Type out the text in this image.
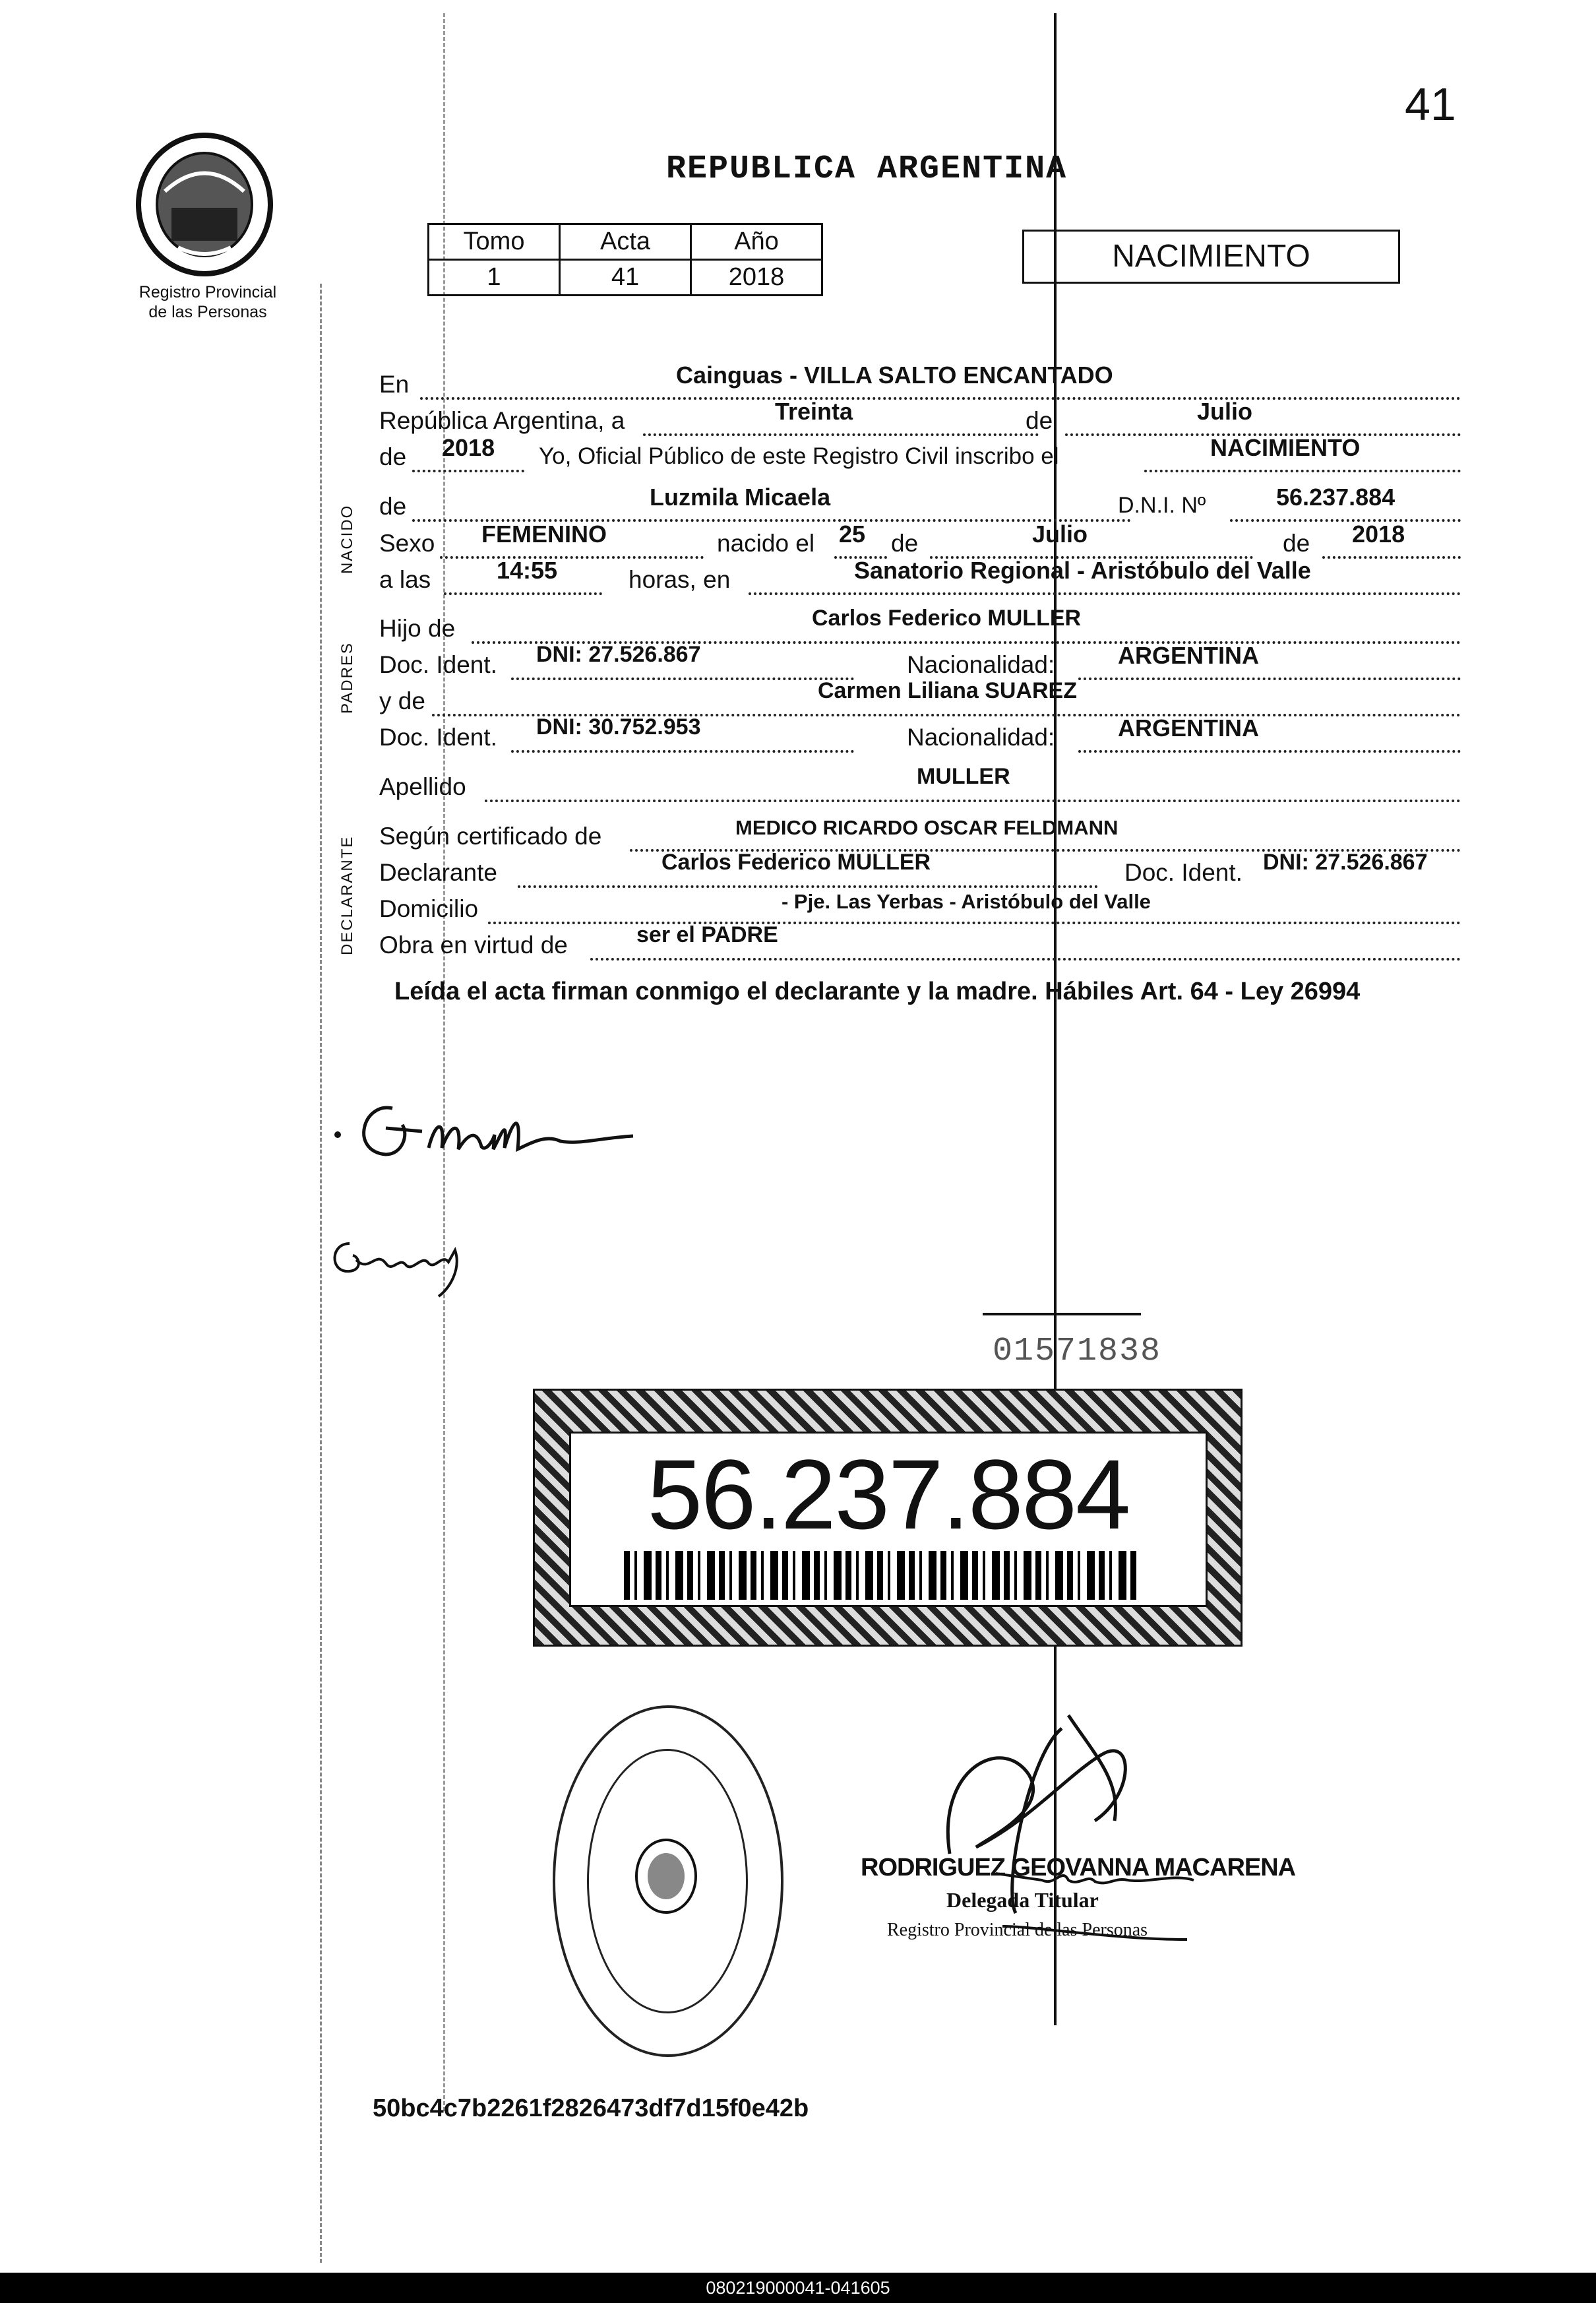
41
Registro Provincial
de las Personas
REPUBLICA ARGENTINA
Tomo	Acta	Año
1	41	2018
NACIMIENTO
NACIDO
PADRES
DECLARANTE
En	Cainguas - VILLA SALTO ENCANTADO
República Argentina, a	Treinta	de	Julio
de 2018 Yo, Oficial Público de este Registro Civil inscribo el	NACIMIENTO
de	Luzmila Micaela	D.N.I. Nº	56.237.884
Sexo FEMENINO	nacido el 25 de	Julio	de 2018
a las	14:55	horas, en	Sanatorio Regional - Aristóbulo del Valle
Hijo de	Carlos Federico MULLER
Doc. Ident. DNI: 27.526.867	Nacionalidad:	ARGENTINA
y de	Carmen Liliana SUAREZ
Doc. Ident. DNI: 30.752.953	Nacionalidad:	ARGENTINA
Apellido	MULLER
Según certificado de	MEDICO RICARDO OSCAR FELDMANN
Declarante	Carlos Federico MULLER	Doc. Ident. DNI: 27.526.867
Domicilio	- Pje. Las Yerbas - Aristóbulo del Valle
Obra en virtud de	ser el PADRE
Leída el acta firman conmigo el declarante y la madre. Hábiles Art. 64 - Ley 26994
01571838
56.237.884
RODRIGUEZ GEOVANNA MACARENA
Delegada Titular
Registro Provincial de las Personas
50bc4c7b2261f2826473df7d15f0e42b
080219000041-041605
